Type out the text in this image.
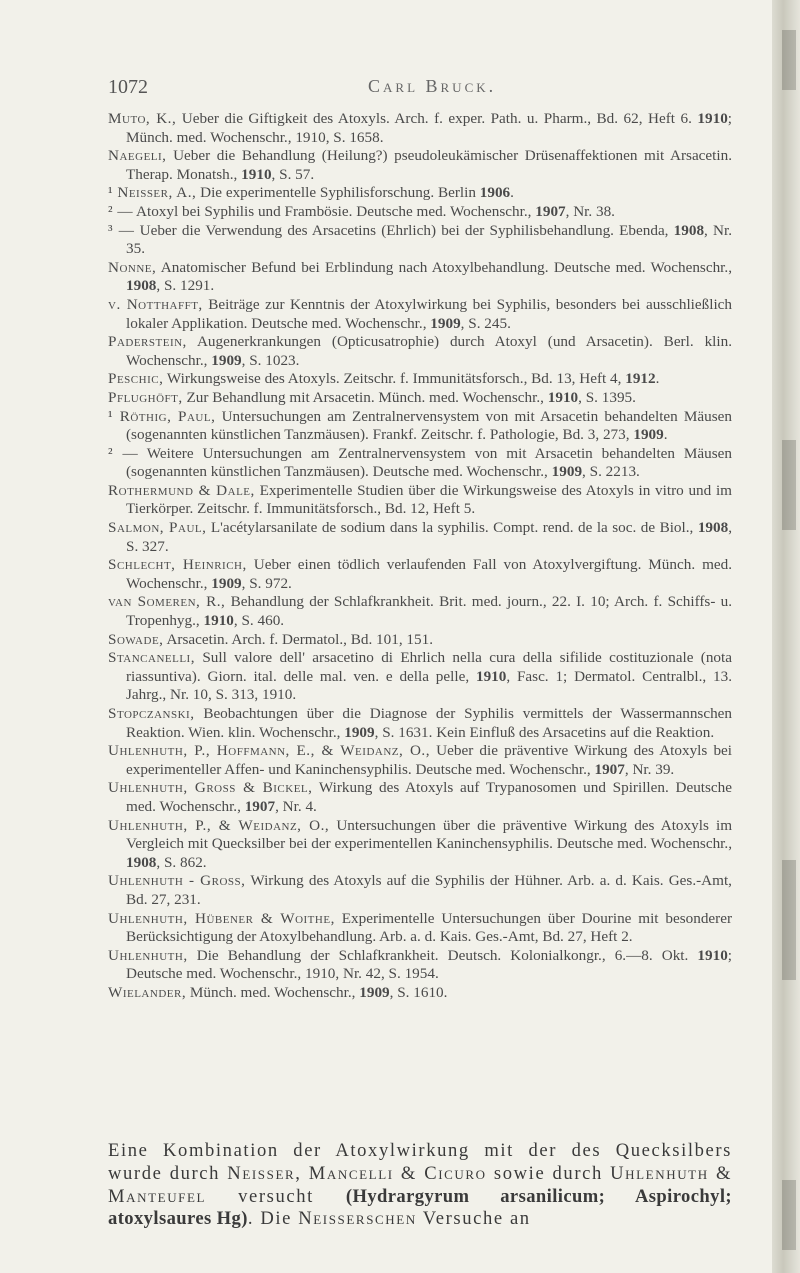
1072	Carl Bruck.

Muto, K., Ueber die Giftigkeit des Atoxyls. Arch. f. exper. Path. u. Pharm., Bd. 62, Heft 6. 1910; Münch. med. Wochenschr., 1910, S. 1658.

Naegeli, Ueber die Behandlung (Heilung?) pseudoleukämischer Drüsenaffektionen mit Arsacetin. Therap. Monatsh., 1910, S. 57.

¹ Neisser, A., Die experimentelle Syphilisforschung. Berlin 1906.

² — Atoxyl bei Syphilis und Frambösie. Deutsche med. Wochenschr., 1907, Nr. 38.

³ — Ueber die Verwendung des Arsacetins (Ehrlich) bei der Syphilisbehandlung. Ebenda, 1908, Nr. 35.

Nonne, Anatomischer Befund bei Erblindung nach Atoxylbehandlung. Deutsche med. Wochenschr., 1908, S. 1291.

v. Notthafft, Beiträge zur Kenntnis der Atoxylwirkung bei Syphilis, besonders bei ausschließlich lokaler Applikation. Deutsche med. Wochenschr., 1909, S. 245.

Paderstein, Augenerkrankungen (Opticusatrophie) durch Atoxyl (und Arsacetin). Berl. klin. Wochenschr., 1909, S. 1023.

Peschic, Wirkungsweise des Atoxyls. Zeitschr. f. Immunitätsforsch., Bd. 13, Heft 4, 1912.

Pflughöft, Zur Behandlung mit Arsacetin. Münch. med. Wochenschr., 1910, S. 1395.

¹ Röthig, Paul, Untersuchungen am Zentralnervensystem von mit Arsacetin behandelten Mäusen (sogenannten künstlichen Tanzmäusen). Frankf. Zeitschr. f. Pathologie, Bd. 3, 273, 1909.

² — Weitere Untersuchungen am Zentralnervensystem von mit Arsacetin behandelten Mäusen (sogenannten künstlichen Tanzmäusen). Deutsche med. Wochenschr., 1909, S. 2213.

Rothermund & Dale, Experimentelle Studien über die Wirkungsweise des Atoxyls in vitro und im Tierkörper. Zeitschr. f. Immunitätsforsch., Bd. 12, Heft 5.

Salmon, Paul, L'acétylarsanilate de sodium dans la syphilis. Compt. rend. de la soc. de Biol., 1908, S. 327.

Schlecht, Heinrich, Ueber einen tödlich verlaufenden Fall von Atoxylvergiftung. Münch. med. Wochenschr., 1909, S. 972.

van Someren, R., Behandlung der Schlafkrankheit. Brit. med. journ., 22. I. 10; Arch. f. Schiffs- u. Tropenhyg., 1910, S. 460.

Sowade, Arsacetin. Arch. f. Dermatol., Bd. 101, 151.

Stancanelli, Sull valore dell' arsacetino di Ehrlich nella cura della sifilide costituzionale (nota riassuntiva). Giorn. ital. delle mal. ven. e della pelle, 1910, Fasc. 1; Dermatol. Centralbl., 13. Jahrg., Nr. 10, S. 313, 1910.

Stopczanski, Beobachtungen über die Diagnose der Syphilis vermittels der Wassermannschen Reaktion. Wien. klin. Wochenschr., 1909, S. 1631. Kein Einfluß des Arsacetins auf die Reaktion.

Uhlenhuth, P., Hoffmann, E., & Weidanz, O., Ueber die präventive Wirkung des Atoxyls bei experimenteller Affen- und Kaninchensyphilis. Deutsche med. Wochenschr., 1907, Nr. 39.

Uhlenhuth, Gross & Bickel, Wirkung des Atoxyls auf Trypanosomen und Spirillen. Deutsche med. Wochenschr., 1907, Nr. 4.

Uhlenhuth, P., & Weidanz, O., Untersuchungen über die präventive Wirkung des Atoxyls im Vergleich mit Quecksilber bei der experimentellen Kaninchensyphilis. Deutsche med. Wochenschr., 1908, S. 862.

Uhlenhuth - Gross, Wirkung des Atoxyls auf die Syphilis der Hühner. Arb. a. d. Kais. Ges.-Amt, Bd. 27, 231.

Uhlenhuth, Hübener & Woithe, Experimentelle Untersuchungen über Dourine mit besonderer Berücksichtigung der Atoxylbehandlung. Arb. a. d. Kais. Ges.-Amt, Bd. 27, Heft 2.

Uhlenhuth, Die Behandlung der Schlafkrankheit. Deutsch. Kolonialkongr., 6.—8. Okt. 1910; Deutsche med. Wochenschr., 1910, Nr. 42, S. 1954.

Wielander, Münch. med. Wochenschr., 1909, S. 1610.

Eine Kombination der Atoxylwirkung mit der des Quecksilbers wurde durch Neisser, Mancelli & Cicuro sowie durch Uhlenhuth & Manteufel versucht (Hydrargyrum arsanilicum; Aspirochyl; atoxylsaures Hg). Die Neisserschen Versuche an
